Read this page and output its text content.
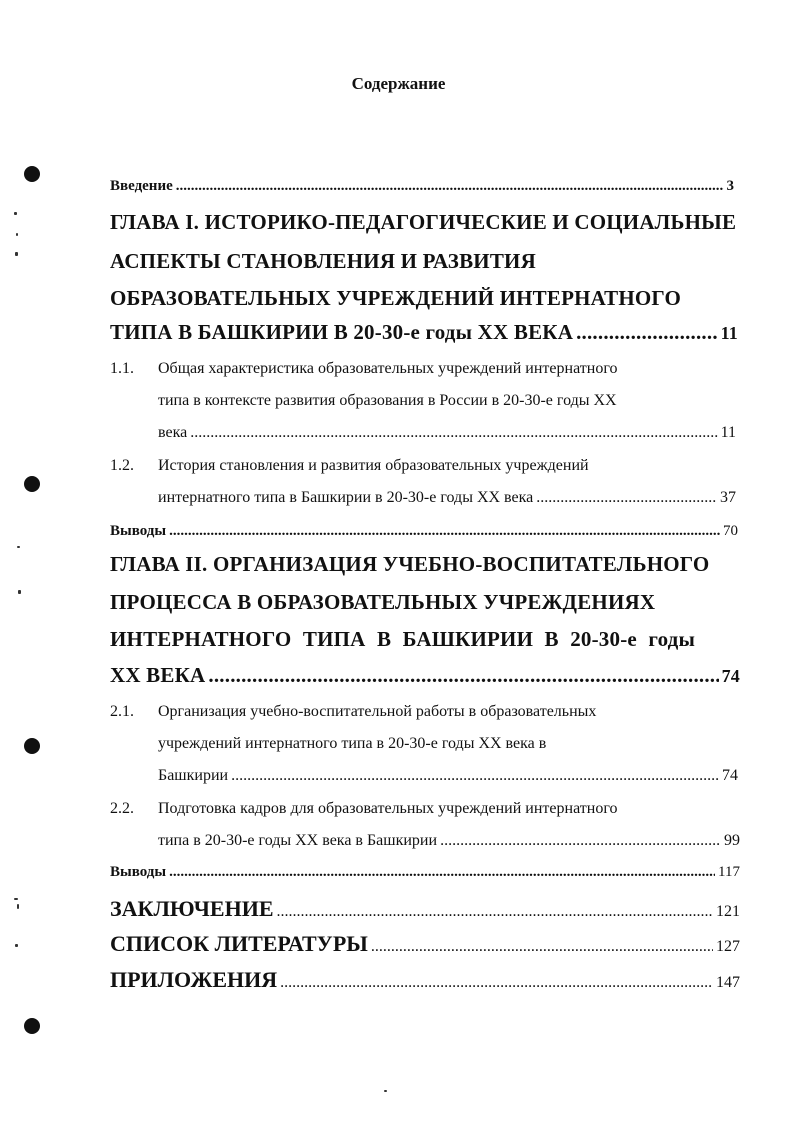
Содержание
Введение .....	3
ГЛАВА I. ИСТОРИКО-ПЕДАГОГИЧЕСКИЕ И СОЦИАЛЬНЫЕ
АСПЕКТЫ СТАНОВЛЕНИЯ И РАЗВИТИЯ
ОБРАЗОВАТЕЛЬНЫХ УЧРЕЖДЕНИЙ ИНТЕРНАТНОГО
ТИПА В БАШКИРИИ В 20-30-е годы XX ВЕКА .....	11
1.1. Общая характеристика образовательных учреждений интернатного
типа в контексте развития образования в России в 20-30-е годы XX
века .....	11
1.2. История становления и развития образовательных учреждений
интернатного типа в Башкирии в 20-30-е годы XX века .....	37
Выводы .....	70
ГЛАВА II. ОРГАНИЗАЦИЯ УЧЕБНО-ВОСПИТАТЕЛЬНОГО
ПРОЦЕССА В ОБРАЗОВАТЕЛЬНЫХ УЧРЕЖДЕНИЯХ
ИНТЕРНАТНОГО ТИПА В БАШКИРИИ В 20-30-е годы
XX ВЕКА .....	74
2.1. Организация учебно-воспитательной работы в образовательных
учреждений интернатного типа в 20-30-е годы XX века в
Башкирии .....	74
2.2. Подготовка кадров для образовательных учреждений интернатного
типа в 20-30-е годы XX века в Башкирии .....	99
Выводы .....	117
ЗАКЛЮЧЕНИЕ .....	121
СПИСОК ЛИТЕРАТУРЫ .....	127
ПРИЛОЖЕНИЯ .....	147
